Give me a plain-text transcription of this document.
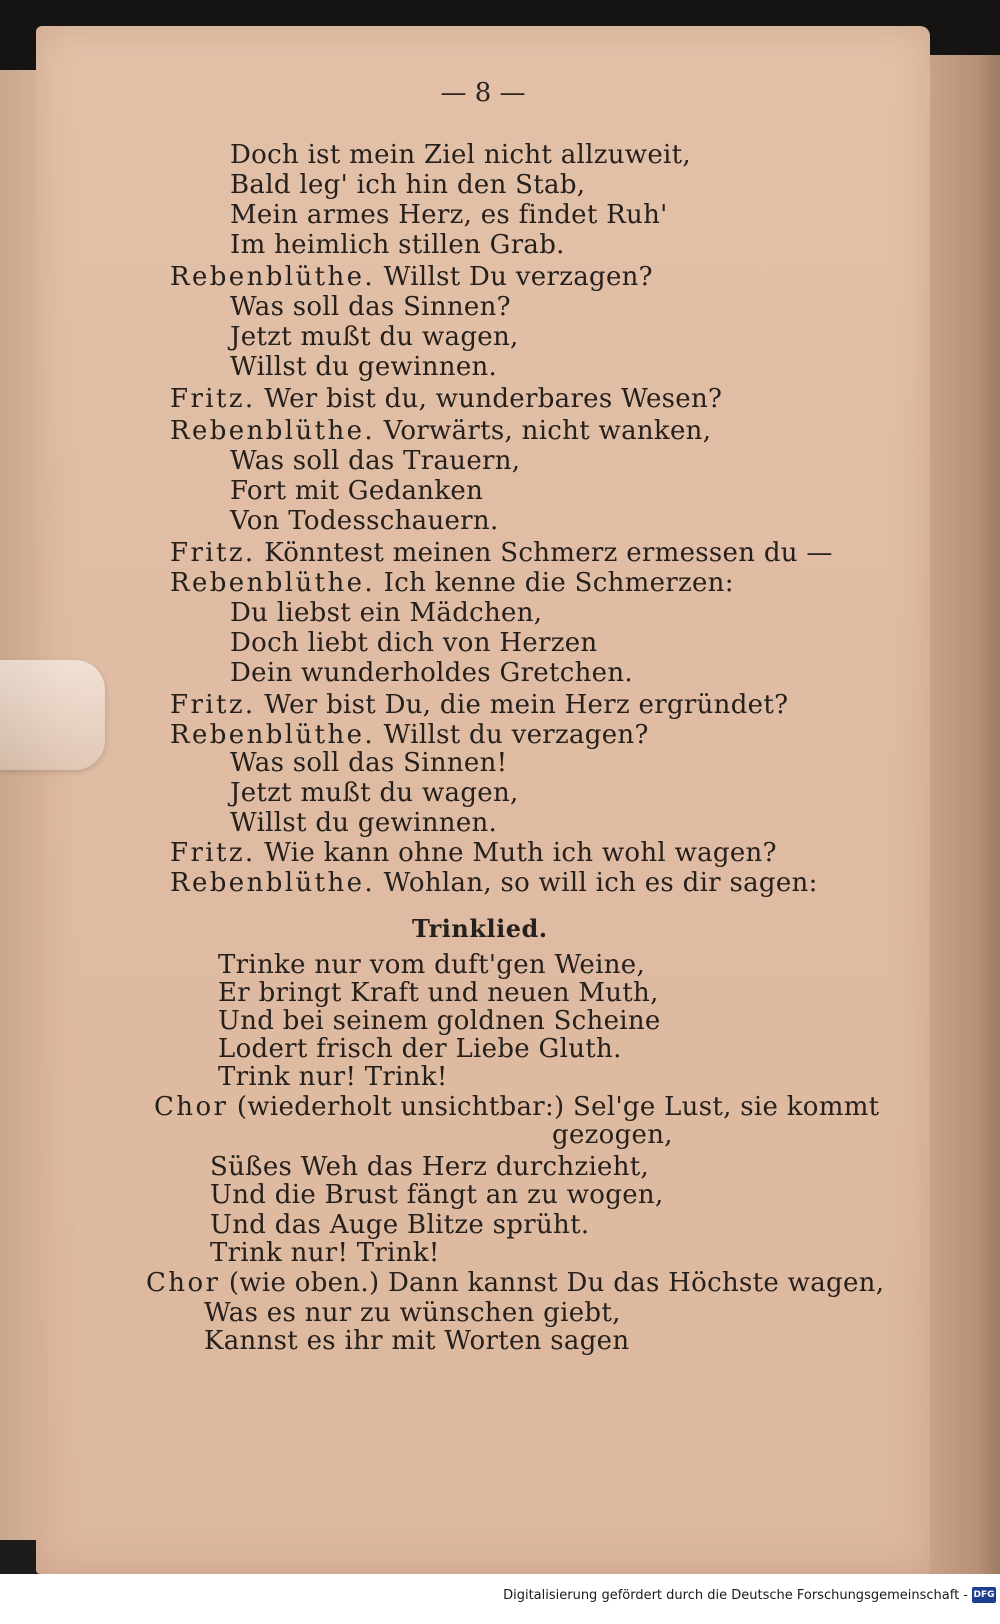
— 8 —
Doch ist mein Ziel nicht allzuweit,
Bald leg' ich hin den Stab,
Mein armes Herz, es findet Ruh'
Im heimlich stillen Grab.
Rebenblüthe. Willst Du verzagen?
Was soll das Sinnen?
Jetzt mußt du wagen,
Willst du gewinnen.
Fritz. Wer bist du, wunderbares Wesen?
Rebenblüthe. Vorwärts, nicht wanken,
Was soll das Trauern,
Fort mit Gedanken
Von Todesschauern.
Fritz. Könntest meinen Schmerz ermessen du —
Rebenblüthe. Ich kenne die Schmerzen:
Du liebst ein Mädchen,
Doch liebt dich von Herzen
Dein wunderholdes Gretchen.
Fritz. Wer bist Du, die mein Herz ergründet?
Rebenblüthe. Willst du verzagen?
Was soll das Sinnen!
Jetzt mußt du wagen,
Willst du gewinnen.
Fritz. Wie kann ohne Muth ich wohl wagen?
Rebenblüthe. Wohlan, so will ich es dir sagen:
Trinklied.
Trinke nur vom duft'gen Weine,
Er bringt Kraft und neuen Muth,
Und bei seinem goldnen Scheine
Lodert frisch der Liebe Gluth.
Trink nur! Trink!
Chor (wiederholt unsichtbar:) Sel'ge Lust, sie kommt
gezogen,
Süßes Weh das Herz durchzieht,
Und die Brust fängt an zu wogen,
Und das Auge Blitze sprüht.
Trink nur! Trink!
Chor (wie oben.) Dann kannst Du das Höchste wagen,
Was es nur zu wünschen giebt,
Kannst es ihr mit Worten sagen
Digitalisierung gefördert durch die Deutsche Forschungsgemeinschaft - DFG
